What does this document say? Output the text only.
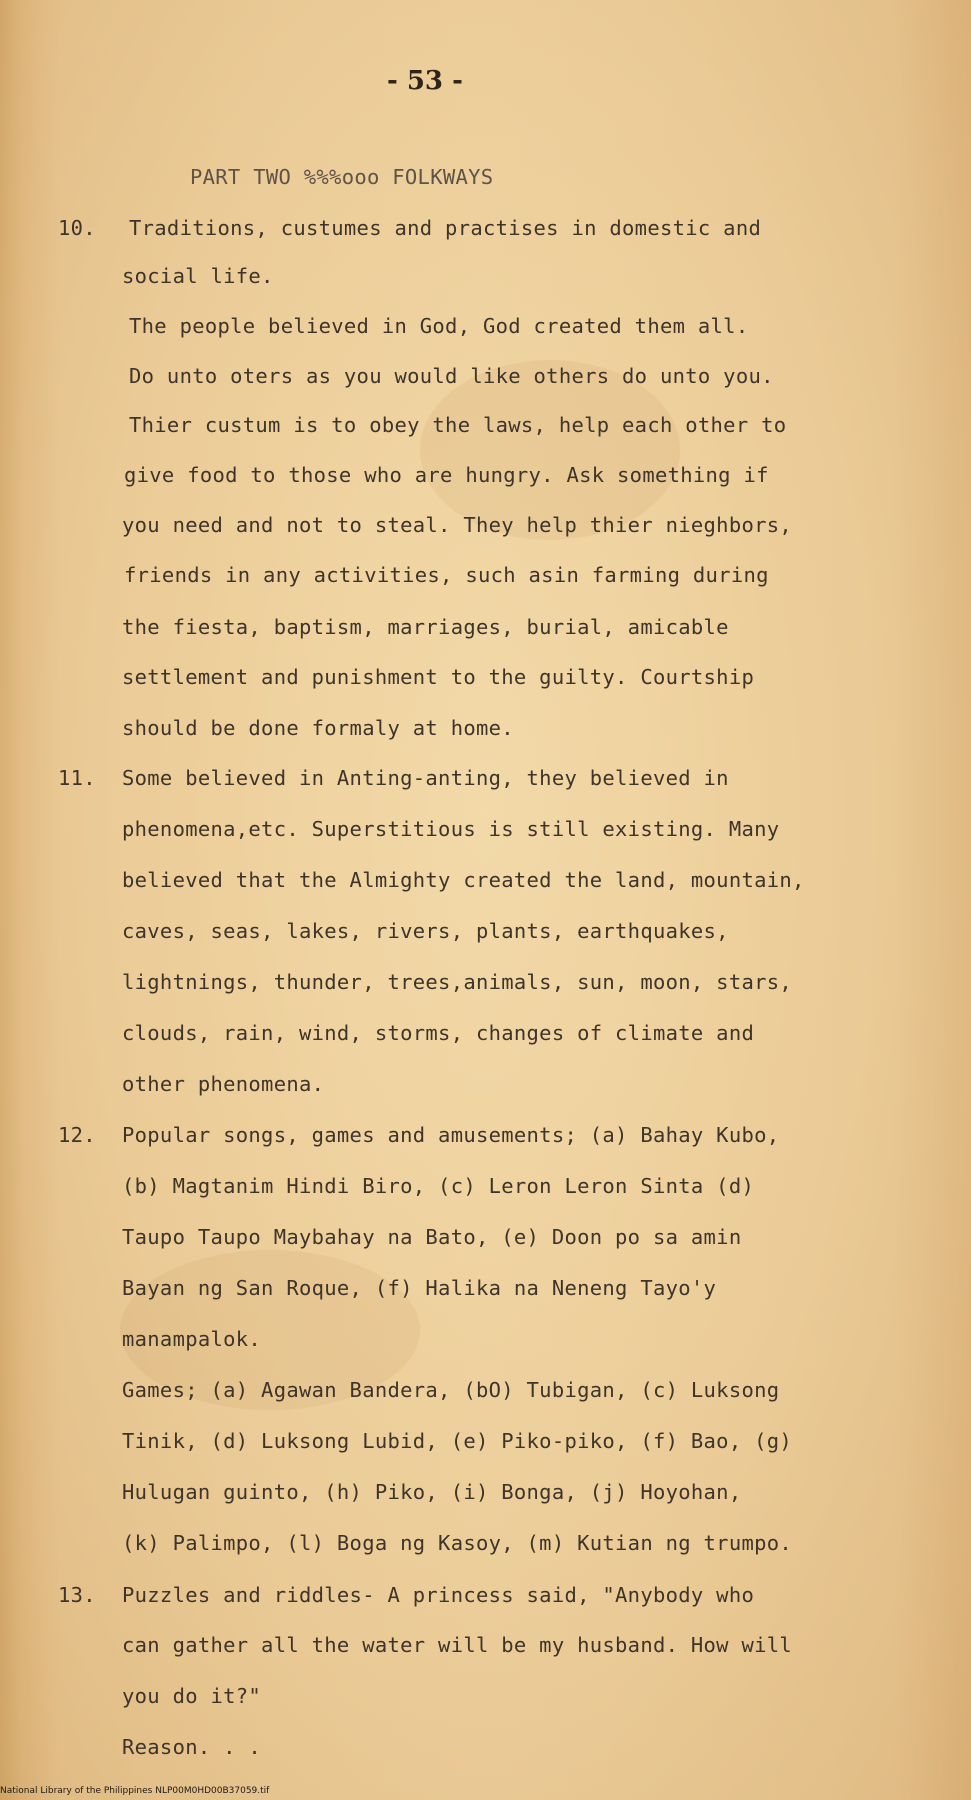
- 53 -
PART TWO %%%ooo FOLKWAYS
10. Traditions, custumes and practises in domestic and
social life.
The people believed in God, God created them all.
Do unto oters as you would like others do unto you.
Thier custum is to obey the laws, help each other to
give food to those who are hungry. Ask something if
you need and not to steal. They help thier nieghbors,
friends in any activities, such asin farming during
the fiesta, baptism, marriages, burial, amicable
settlement and punishment to the guilty. Courtship
should be done formaly at home.
11. Some believed in Anting-anting, they believed in
phenomena,etc. Superstitious is still existing. Many
believed that the Almighty created the land, mountain,
caves, seas, lakes, rivers, plants, earthquakes,
lightnings, thunder, trees,animals, sun, moon, stars,
clouds, rain, wind, storms, changes of climate and
other phenomena.
12. Popular songs, games and amusements; (a) Bahay Kubo,
(b) Magtanim Hindi Biro, (c) Leron Leron Sinta (d)
Taupo Taupo Maybahay na Bato, (e) Doon po sa amin
Bayan ng San Roque, (f) Halika na Neneng Tayo'y
manampalok.
Games; (a) Agawan Bandera, (bO) Tubigan, (c) Luksong
Tinik, (d) Luksong Lubid, (e) Piko-piko, (f) Bao, (g)
Hulugan guinto, (h) Piko, (i) Bonga, (j) Hoyohan,
(k) Palimpo, (l) Boga ng Kasoy, (m) Kutian ng trumpo.
13. Puzzles and riddles- A princess said, "Anybody who
can gather all the water will be my husband. How will
you do it?"
Reason. . .
National Library of the Philippines NLP00M0HD00B37059.tif
